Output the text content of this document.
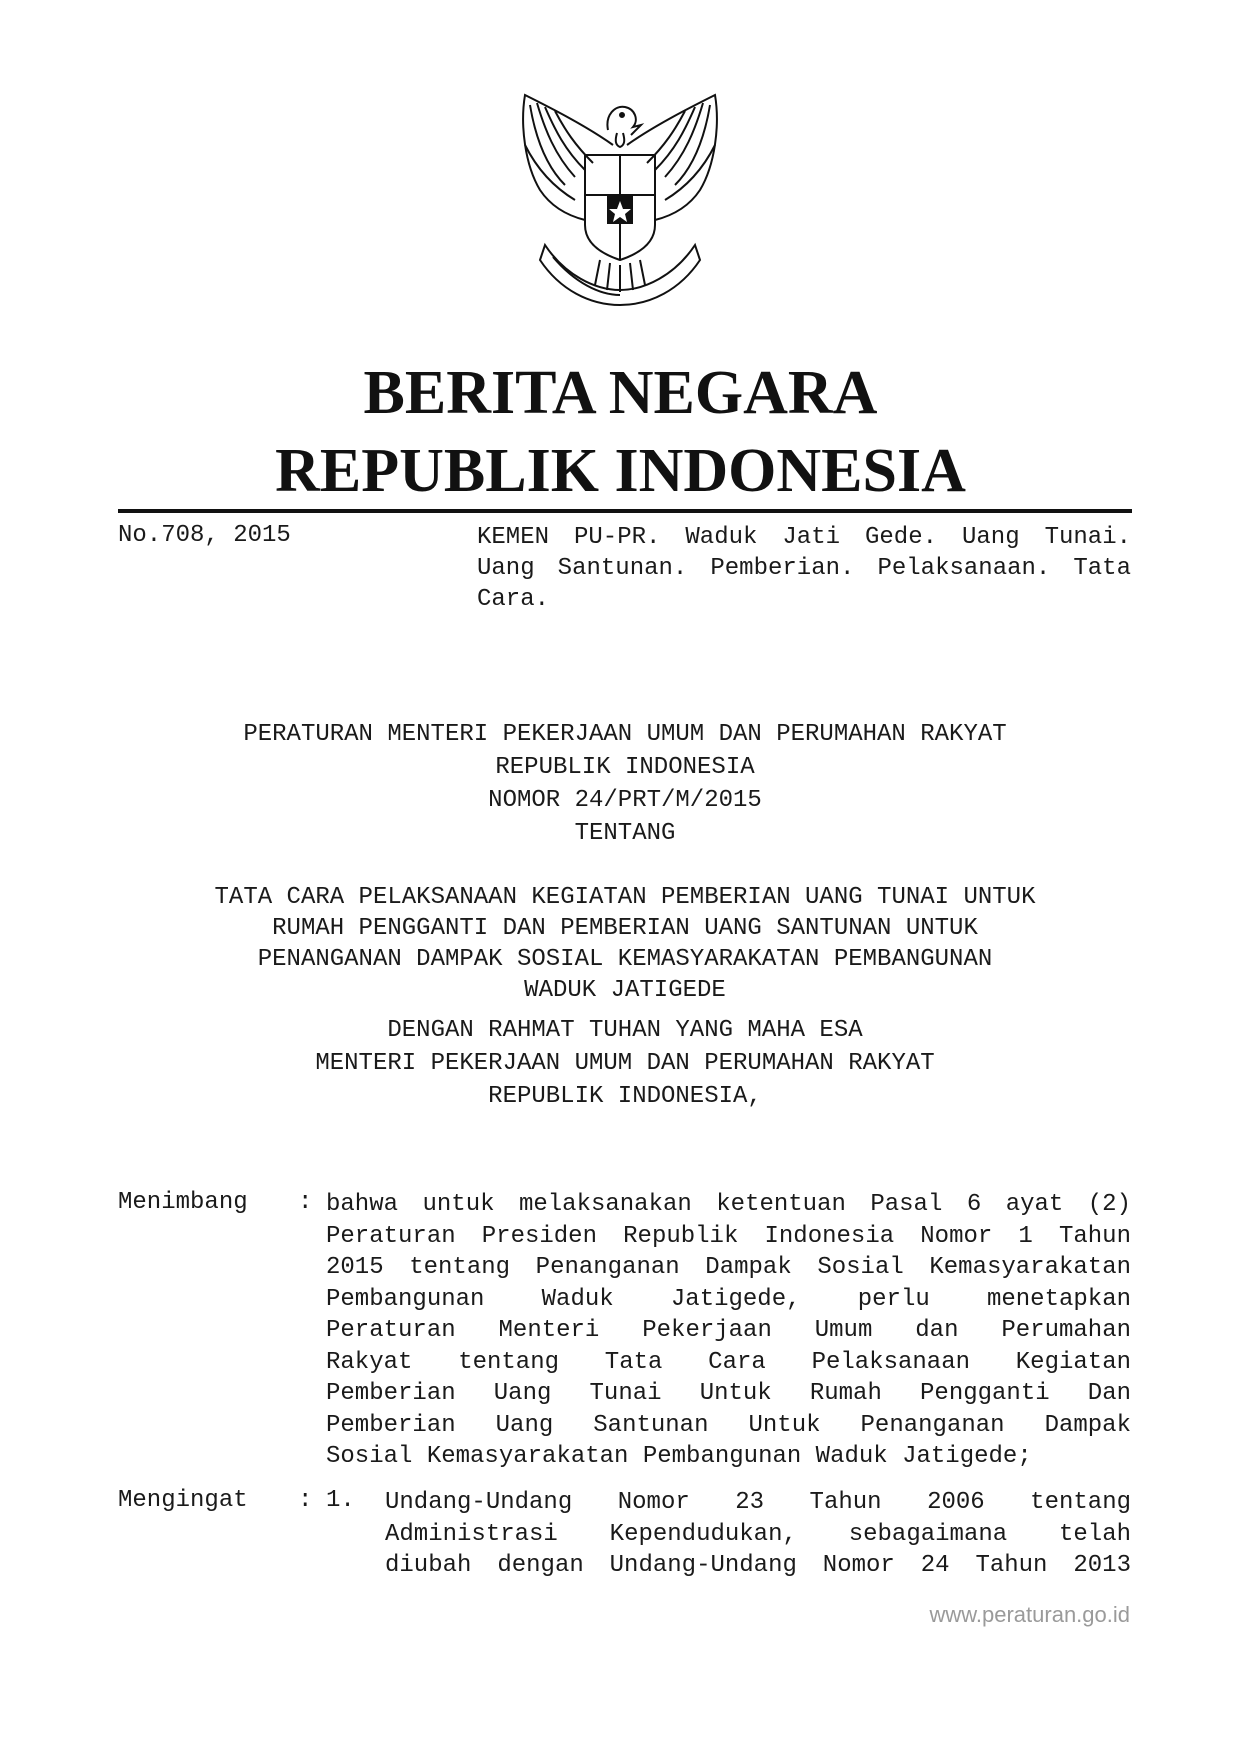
BERITA NEGARA
REPUBLIK INDONESIA
No.708, 2015	KEMEN PU-PR. Waduk Jati Gede. Uang Tunai. Uang Santunan. Pemberian. Pelaksanaan. Tata Cara.
PERATURAN MENTERI PEKERJAAN UMUM DAN PERUMAHAN RAKYAT
REPUBLIK INDONESIA
NOMOR 24/PRT/M/2015
TENTANG
TATA CARA PELAKSANAAN KEGIATAN PEMBERIAN UANG TUNAI UNTUK
RUMAH PENGGANTI DAN PEMBERIAN UANG SANTUNAN UNTUK
PENANGANAN DAMPAK SOSIAL KEMASYARAKATAN PEMBANGUNAN
WADUK JATIGEDE
DENGAN RAHMAT TUHAN YANG MAHA ESA
MENTERI PEKERJAAN UMUM DAN PERUMAHAN RAKYAT
REPUBLIK INDONESIA,
Menimbang : bahwa untuk melaksanakan ketentuan Pasal 6 ayat (2)
Peraturan Presiden Republik Indonesia Nomor 1 Tahun
2015 tentang Penanganan Dampak Sosial Kemasyarakatan
Pembangunan Waduk Jatigede, perlu menetapkan
Peraturan Menteri Pekerjaan Umum dan Perumahan
Rakyat tentang Tata Cara Pelaksanaan Kegiatan
Pemberian Uang Tunai Untuk Rumah Pengganti Dan
Pemberian Uang Santunan Untuk Penanganan Dampak
Sosial Kemasyarakatan Pembangunan Waduk Jatigede;
Mengingat : 1. Undang-Undang Nomor 23 Tahun 2006 tentang
Administrasi Kependudukan, sebagaimana telah
diubah dengan Undang-Undang Nomor 24 Tahun 2013
www.peraturan.go.id
